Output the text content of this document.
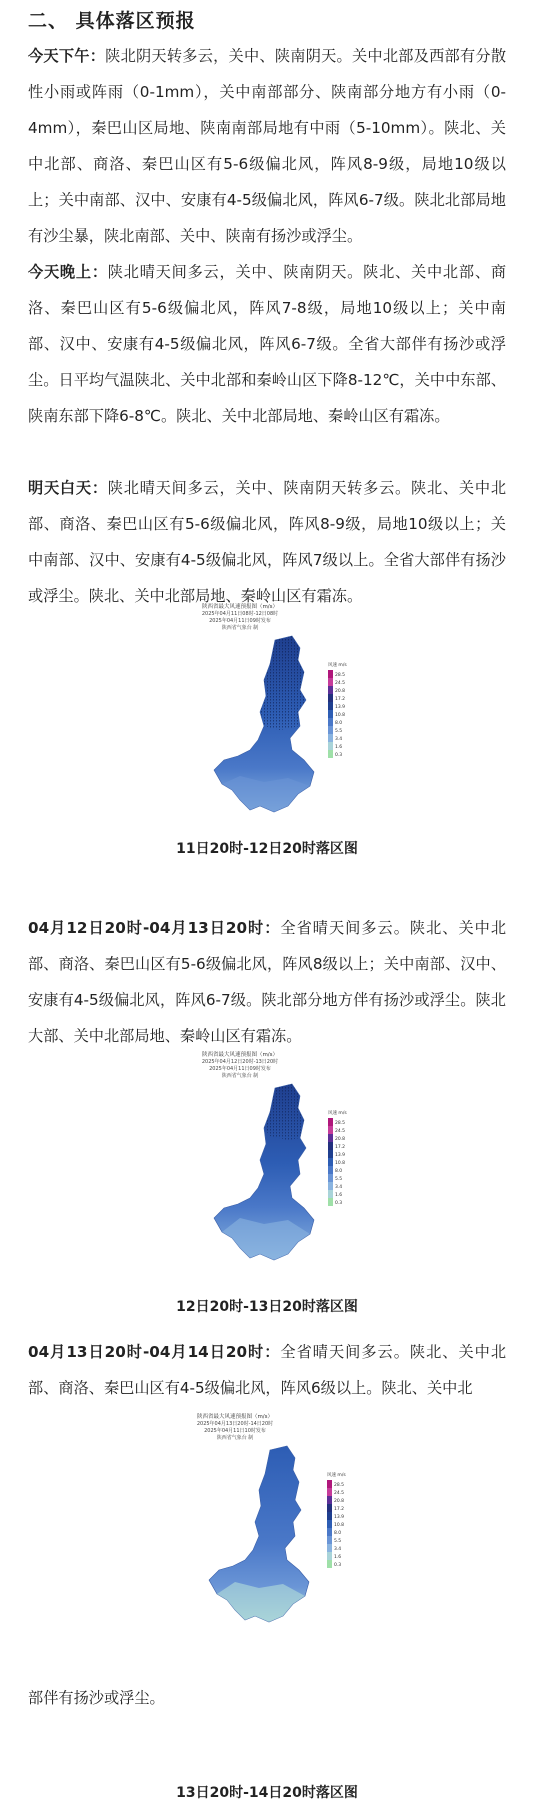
二、 具体落区预报
今天下午：陕北阴天转多云，关中、陕南阴天。关中北部及西部有分散性小雨或阵雨（0-1mm），关中南部部分、陕南部分地方有小雨（0-4mm），秦巴山区局地、陕南南部局地有中雨（5-10mm）。陕北、关中北部、商洛、秦巴山区有5-6级偏北风，阵风8-9级，局地10级以上；关中南部、汉中、安康有4-5级偏北风，阵风6-7级。陕北北部局地有沙尘暴，陕北南部、关中、陕南有扬沙或浮尘。
今天晚上：陕北晴天间多云，关中、陕南阴天。陕北、关中北部、商洛、秦巴山区有5-6级偏北风，阵风7-8级，局地10级以上；关中南部、汉中、安康有4-5级偏北风，阵风6-7级。全省大部伴有扬沙或浮尘。日平均气温陕北、关中北部和秦岭山区下降8-12℃，关中中东部、陕南东部下降6-8℃。陕北、关中北部局地、秦岭山区有霜冻。
明天白天：陕北晴天间多云，关中、陕南阴天转多云。陕北、关中北部、商洛、秦巴山区有5-6级偏北风，阵风8-9级，局地10级以上；关中南部、汉中、安康有4-5级偏北风，阵风7级以上。全省大部伴有扬沙或浮尘。陕北、关中北部局地、秦岭山区有霜冻。
陕西省最大风速预报图（m/s）
2025年04月11日08时-12日08时
2025年04月11日09时发布
陕西省气象台 制
风速 m/s
28.5
24.5
20.8
17.2
13.9
10.8
8.0
5.5
3.4
1.6
0.3
11日20时-12日20时落区图
04月12日20时-04月13日20时：全省晴天间多云。陕北、关中北部、商洛、秦巴山区有5-6级偏北风，阵风8级以上；关中南部、汉中、安康有4-5级偏北风，阵风6-7级。陕北部分地方伴有扬沙或浮尘。陕北大部、关中北部局地、秦岭山区有霜冻。
陕西省最大风速预报图（m/s）
2025年04月12日20时-13日20时
2025年04月11日09时发布
陕西省气象台 制
风速 m/s
28.5
24.5
20.8
17.2
13.9
10.8
8.0
5.5
3.4
1.6
0.3
12日20时-13日20时落区图
04月13日20时-04月14日20时：全省晴天间多云。陕北、关中北部、商洛、秦巴山区有4-5级偏北风，阵风6级以上。陕北、关中北
陕西省最大风速预报图（m/s）
2025年04月13日20时-14日20时
2025年04月11日10时发布
陕西省气象台 制
风速 m/s
28.5
24.5
20.8
17.2
13.9
10.8
8.0
5.5
3.4
1.6
0.3
部伴有扬沙或浮尘。
13日20时-14日20时落区图
